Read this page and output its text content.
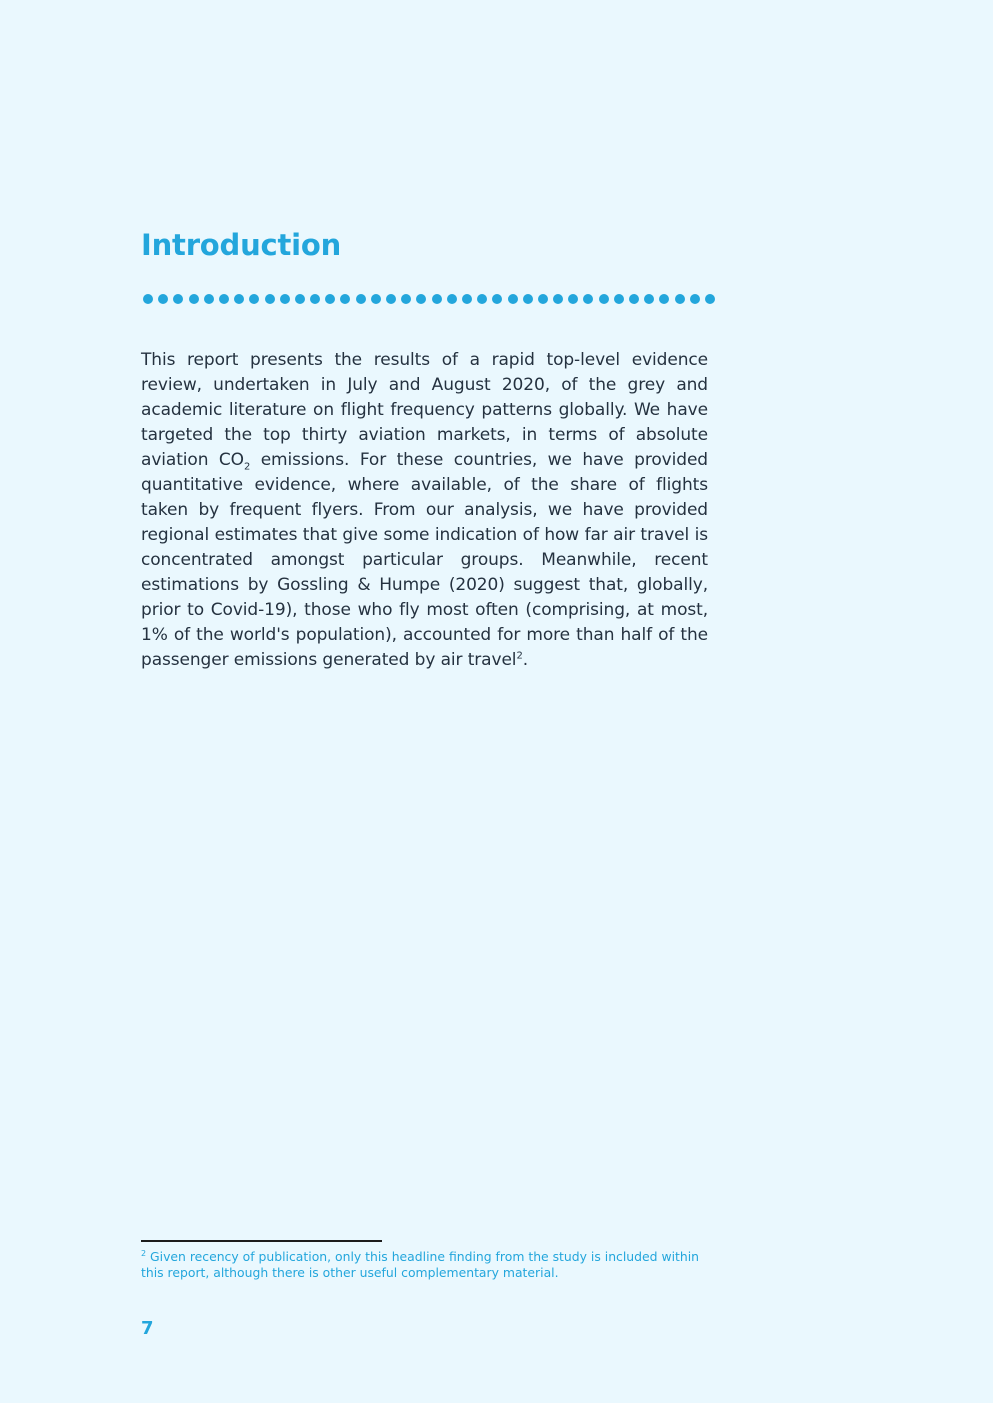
Introduction

This report presents the results of a rapid top-level evidence review, undertaken in July and August 2020, of the grey and academic literature on flight frequency patterns globally. We have targeted the top thirty aviation markets, in terms of absolute aviation $CO_2$ emissions. For these countries, we have provided quantitative evidence, where available, of the share of flights taken by frequent flyers. From our analysis, we have provided regional estimates that give some indication of how far air travel is concentrated amongst particular groups. Meanwhile, recent estimations by Gossling & Humpe (2020) suggest that, globally, prior to Covid-19), those who fly most often (comprising, at most, 1% of the world's population), accounted for more than half of the passenger emissions generated by air travel$^2$.

$^2$ Given recency of publication, only this headline finding from the study is included within this report, although there is other useful complementary material.

7
